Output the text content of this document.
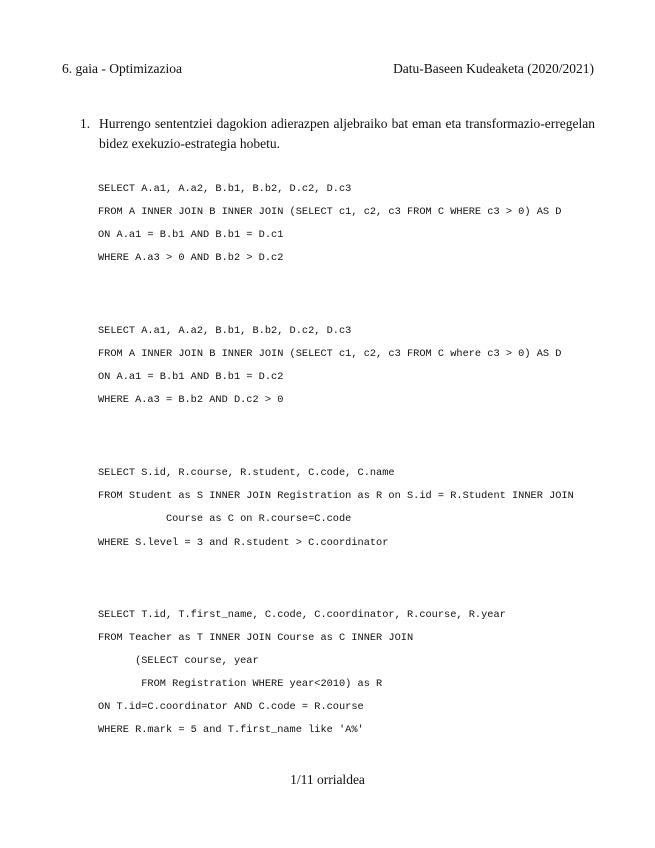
6. gaia - Optimizazioa	Datu-Baseen Kudeaketa (2020/2021)
1. Hurrengo sententziei dagokion adierazpen aljebraiko bat eman eta transformazio-erregelan bidez exekuzio-estrategia hobetu.

SELECT A.a1, A.a2, B.b1, B.b2, D.c2, D.c3

FROM A INNER JOIN B INNER JOIN (SELECT c1, c2, c3 FROM C WHERE c3 > 0) AS D

ON A.a1 = B.b1 AND B.b1 = D.c1

WHERE A.a3 > 0 AND B.b2 > D.c2

SELECT A.a1, A.a2, B.b1, B.b2, D.c2, D.c3

FROM A INNER JOIN B INNER JOIN (SELECT c1, c2, c3 FROM C where c3 > 0) AS D

ON A.a1 = B.b1 AND B.b1 = D.c2

WHERE A.a3 = B.b2 AND D.c2 > 0

SELECT S.id, R.course, R.student, C.code, C.name

FROM Student as S INNER JOIN Registration as R on S.id = R.Student INNER JOIN

Course as C on R.course=C.code

WHERE S.level = 3 and R.student > C.coordinator

SELECT T.id, T.first_name, C.code, C.coordinator, R.course, R.year

FROM Teacher as T INNER JOIN Course as C INNER JOIN

(SELECT course, year

FROM Registration WHERE year<2010) as R

ON T.id=C.coordinator AND C.code = R.course

WHERE R.mark = 5 and T.first_name like 'A%'

1/11 orrialdea
